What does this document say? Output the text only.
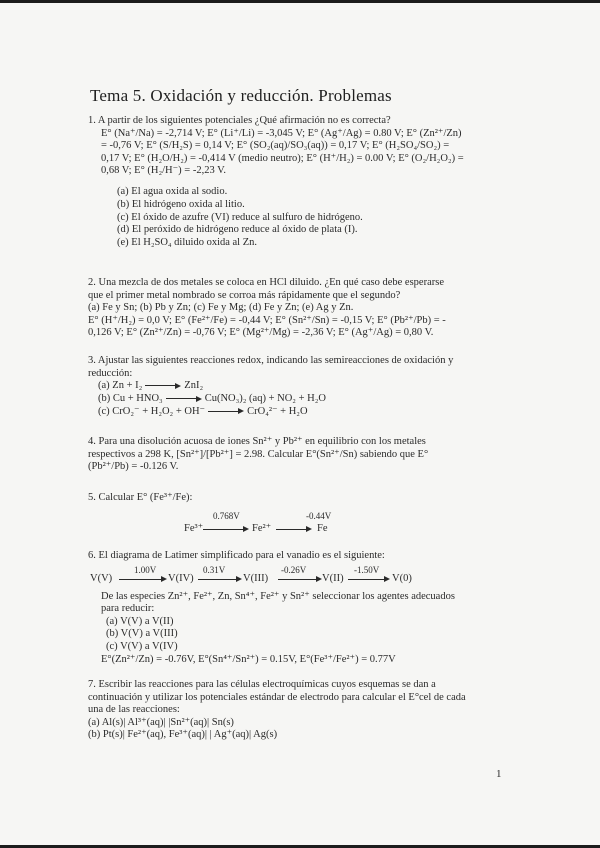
Tema 5. Oxidación y reducción. Problemas

1. A partir de los siguientes potenciales ¿Qué afirmación no es correcta?

E° (Na⁺/Na) = -2,714 V; E° (Li⁺/Li) = -3,045 V; E° (Ag⁺/Ag) = 0.80 V; E° (Zn²⁺/Zn)

= -0,76 V; E° (S/H₂S) = 0,14 V; E° (SO₂(aq)/SO₃(aq)) = 0,17 V; E° (H₂SO₄/SO₂) =

0,17 V; E° (H₂O/H₂) = -0,414 V (medio neutro); E° (H⁺/H₂) = 0.00 V; E° (O₂/H₂O₂) =

0,68 V; E° (H₂/H⁻) = -2,23 V.

(a) El agua oxida al sodio.

(b) El hidrógeno oxida al litio.

(c) El óxido de azufre (VI) reduce al sulfuro de hidrógeno.

(d) El peróxido de hidrógeno reduce al óxido de plata (I).

(e) El H₂SO₄ diluido oxida al Zn.

2. Una mezcla de dos metales se coloca en HCl diluido. ¿En qué caso debe esperarse

que el primer metal nombrado se corroa más rápidamente que el segundo?

(a) Fe y Sn; (b) Pb y Zn; (c) Fe y Mg; (d) Fe y Zn; (e) Ag y Zn.

E° (H⁺/H₂) = 0,0 V; E° (Fe²⁺/Fe) = -0,44 V; E° (Sn²⁺/Sn) = -0,15 V; E° (Pb²⁺/Pb) = -

0,126 V; E° (Zn²⁺/Zn) = -0,76 V; E° (Mg²⁺/Mg) = -2,36 V; E° (Ag⁺/Ag) = 0,80 V.

3. Ajustar las siguientes reacciones redox, indicando las semireacciones de oxidación y

reducción:

(a) Zn + I₂	ZnI₂

(b) Cu + HNO₃	Cu(NO₃)₂ (aq) + NO₂ + H₂O

(c) CrO₂⁻ + H₂O₂ + OH⁻	CrO₄²⁻ + H₂O

4. Para una disolución acuosa de iones Sn²⁺ y Pb²⁺ en equilibrio con los metales

respectivos a 298 K, [Sn²⁺]/[Pb²⁺] = 2.98. Calcular E°(Sn²⁺/Sn) sabiendo que E°

(Pb²⁺/Pb) = -0.126 V.

5. Calcular E° (Fe³⁺/Fe):

0.768V	-0.44V
Fe³⁺	Fe²⁺	Fe

6. El diagrama de Latimer simplificado para el vanadio es el siguiente:

1.00V	0.31V	-0.26V	-1.50V
V(V)	V(IV)	V(III)	V(II)	V(0)

De las especies Zn²⁺, Fe²⁺, Zn, Sn⁴⁺, Fe²⁺ y Sn²⁺ seleccionar los agentes adecuados

para reducir:

(a) V(V) a V(II)

(b) V(V) a V(III)

(c) V(V) a V(IV)

E°(Zn²⁺/Zn) = -0.76V, E°(Sn⁴⁺/Sn²⁺) = 0.15V, E°(Fe³⁺/Fe²⁺) = 0.77V

7. Escribir las reacciones para las células electroquímicas cuyos esquemas se dan a

continuación y utilizar los potenciales estándar de electrodo para calcular el E°cel de cada

una de las reacciones:

(a) Al(s)| Al³⁺(aq)| |Sn²⁺(aq)| Sn(s)

(b) Pt(s)| Fe²⁺(aq), Fe³⁺(aq)| | Ag⁺(aq)| Ag(s)

1
